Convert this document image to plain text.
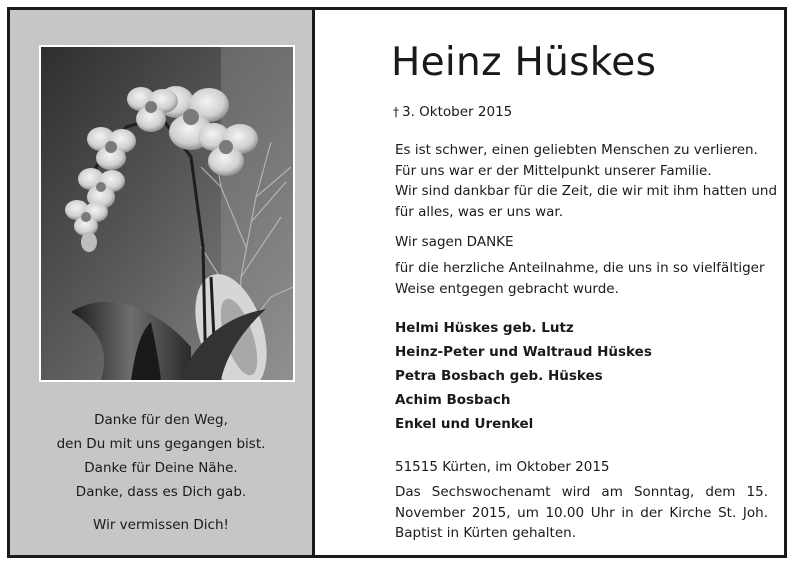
Danke für den Weg,
den Du mit uns gegangen bist.
Danke für Deine Nähe.
Danke, dass es Dich gab.
Wir vermissen Dich!
Heinz Hüskes
† 3. Oktober 2015
Es ist schwer, einen geliebten Menschen zu verlieren.
Für uns war er der Mittelpunkt unserer Familie.
Wir sind dankbar für die Zeit, die wir mit ihm hatten und
für alles, was er uns war.
Wir sagen DANKE
für die herzliche Anteilnahme, die uns in so vielfältiger
Weise entgegen gebracht wurde.
Helmi Hüskes geb. Lutz
Heinz-Peter und Waltraud Hüskes
Petra Bosbach geb. Hüskes
Achim Bosbach
Enkel und Urenkel
51515 Kürten, im Oktober 2015
Das Sechswochenamt wird am Sonntag, dem 15. November 2015, um 10.00 Uhr in der Kirche St. Joh. Baptist in Kürten gehalten.
